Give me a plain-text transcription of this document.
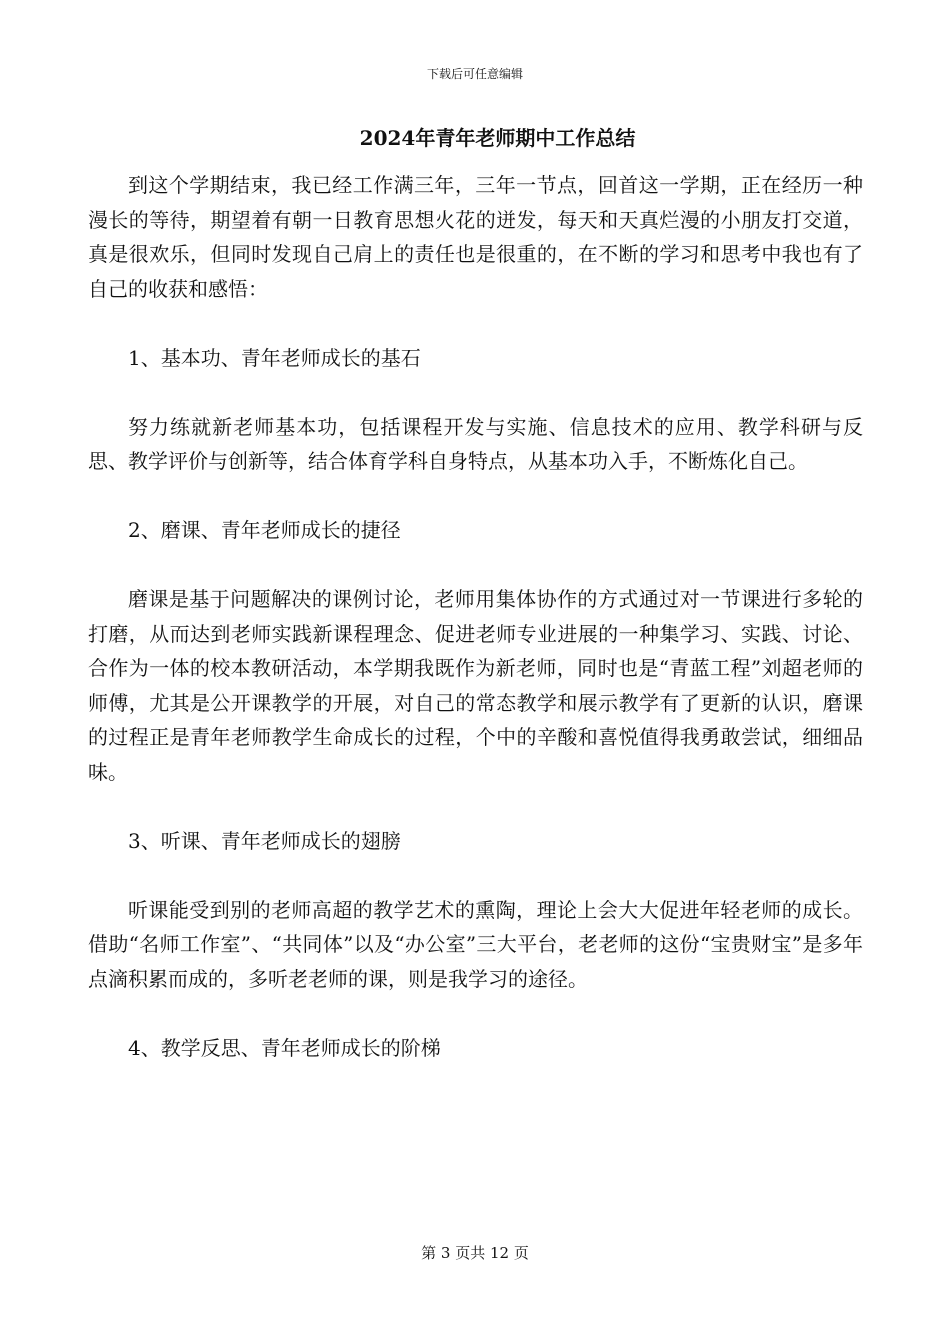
下载后可任意编辑
2024年青年老师期中工作总结

到这个学期结束，我已经工作满三年，三年一节点，回首这一学期，正在经历一种漫长的等待，期望着有朝一日教育思想火花的迸发，每天和天真烂漫的小朋友打交道，真是很欢乐，但同时发现自己肩上的责任也是很重的，在不断的学习和思考中我也有了自己的收获和感悟：

1、基本功、青年老师成长的基石

努力练就新老师基本功，包括课程开发与实施、信息技术的应用、教学科研与反思、教学评价与创新等，结合体育学科自身特点，从基本功入手，不断炼化自己。

2、磨课、青年老师成长的捷径

磨课是基于问题解决的课例讨论，老师用集体协作的方式通过对一节课进行多轮的打磨，从而达到老师实践新课程理念、促进老师专业进展的一种集学习、实践、讨论、合作为一体的校本教研活动，本学期我既作为新老师，同时也是“青蓝工程”刘超老师的师傅，尤其是公开课教学的开展，对自己的常态教学和展示教学有了更新的认识，磨课的过程正是青年老师教学生命成长的过程，个中的辛酸和喜悦值得我勇敢尝试，细细品味。

3、听课、青年老师成长的翅膀

听课能受到别的老师高超的教学艺术的熏陶，理论上会大大促进年轻老师的成长。借助“名师工作室”、“共同体”以及“办公室”三大平台，老老师的这份“宝贵财宝”是多年点滴积累而成的，多听老老师的课，则是我学习的途径。

4、教学反思、青年老师成长的阶梯

第 3 页共 12 页
